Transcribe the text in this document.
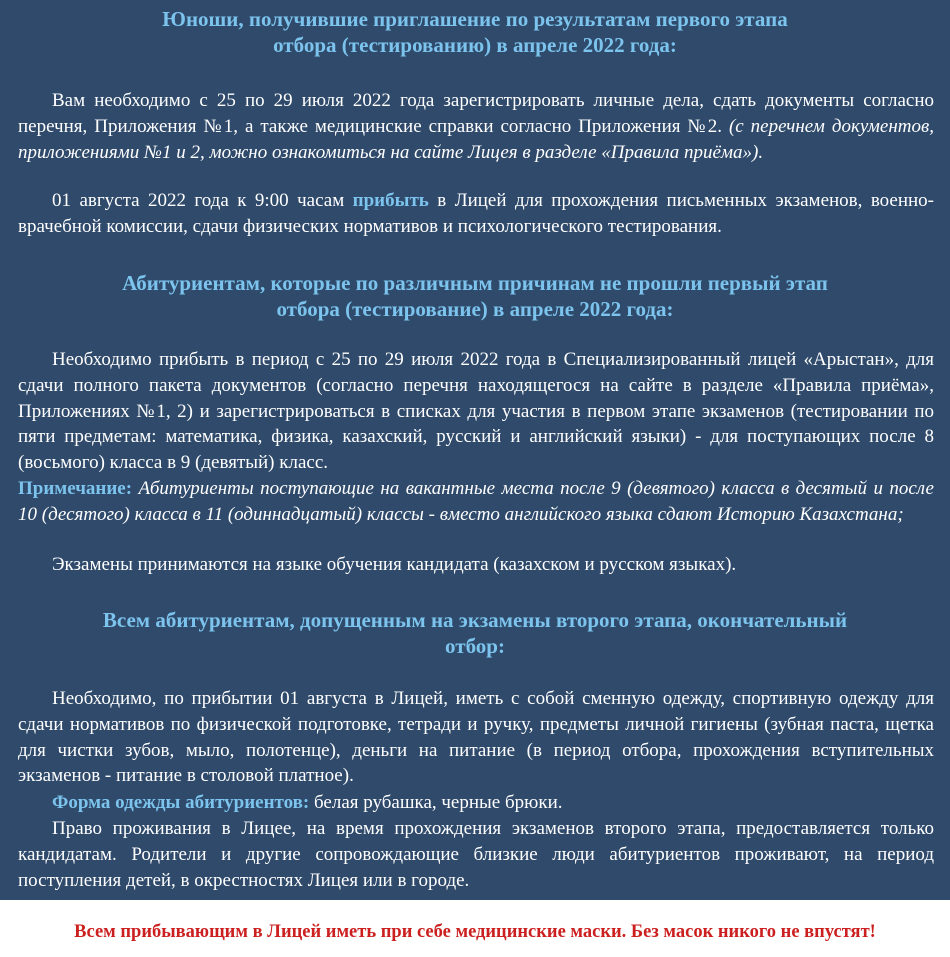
Юноши, получившие приглашение по результатам первого этапа
отбора (тестированию) в апреле 2022 года:
Вам необходимо с 25 по 29 июля 2022 года зарегистрировать личные дела, сдать документы согласно перечня, Приложения №1, а также медицинские справки согласно Приложения №2. (с перечнем документов, приложениями №1 и 2, можно ознакомиться на сайте Лицея в разделе «Правила приёма»).
01 августа 2022 года к 9:00 часам прибыть в Лицей для прохождения письменных экзаменов, военно-врачебной комиссии, сдачи физических нормативов и психологического тестирования.
Абитуриентам, которые по различным причинам не прошли первый этап
отбора (тестирование) в апреле 2022 года:
Необходимо прибыть в период с 25 по 29 июля 2022 года в Специализированный лицей «Арыстан», для сдачи полного пакета документов (согласно перечня находящегося на сайте в разделе «Правила приёма», Приложениях №1, 2) и зарегистрироваться в списках для участия в первом этапе экзаменов (тестировании по пяти предметам: математика, физика, казахский, русский и английский языки) - для поступающих после 8 (восьмого) класса в 9 (девятый) класс.
Примечание: Абитуриенты поступающие на вакантные места после 9 (девятого) класса в десятый и после 10 (десятого) класса в 11 (одиннадцатый) классы - вместо английского языка сдают Историю Казахстана;
Экзамены принимаются на языке обучения кандидата (казахском и русском языках).
Всем абитуриентам, допущенным на экзамены второго этапа, окончательный
отбор:
Необходимо, по прибытии 01 августа в Лицей, иметь с собой сменную одежду, спортивную одежду для сдачи нормативов по физической подготовке, тетради и ручку, предметы личной гигиены (зубная паста, щетка для чистки зубов, мыло, полотенце), деньги на питание (в период отбора, прохождения вступительных экзаменов - питание в столовой платное).
Форма одежды абитуриентов: белая рубашка, черные брюки.
Право проживания в Лицее, на время прохождения экзаменов второго этапа, предоставляется только кандидатам. Родители и другие сопровождающие близкие люди абитуриентов проживают, на период поступления детей, в окрестностях Лицея или в городе.
Всем прибывающим в Лицей иметь при себе медицинские маски. Без масок никого не впустят!
